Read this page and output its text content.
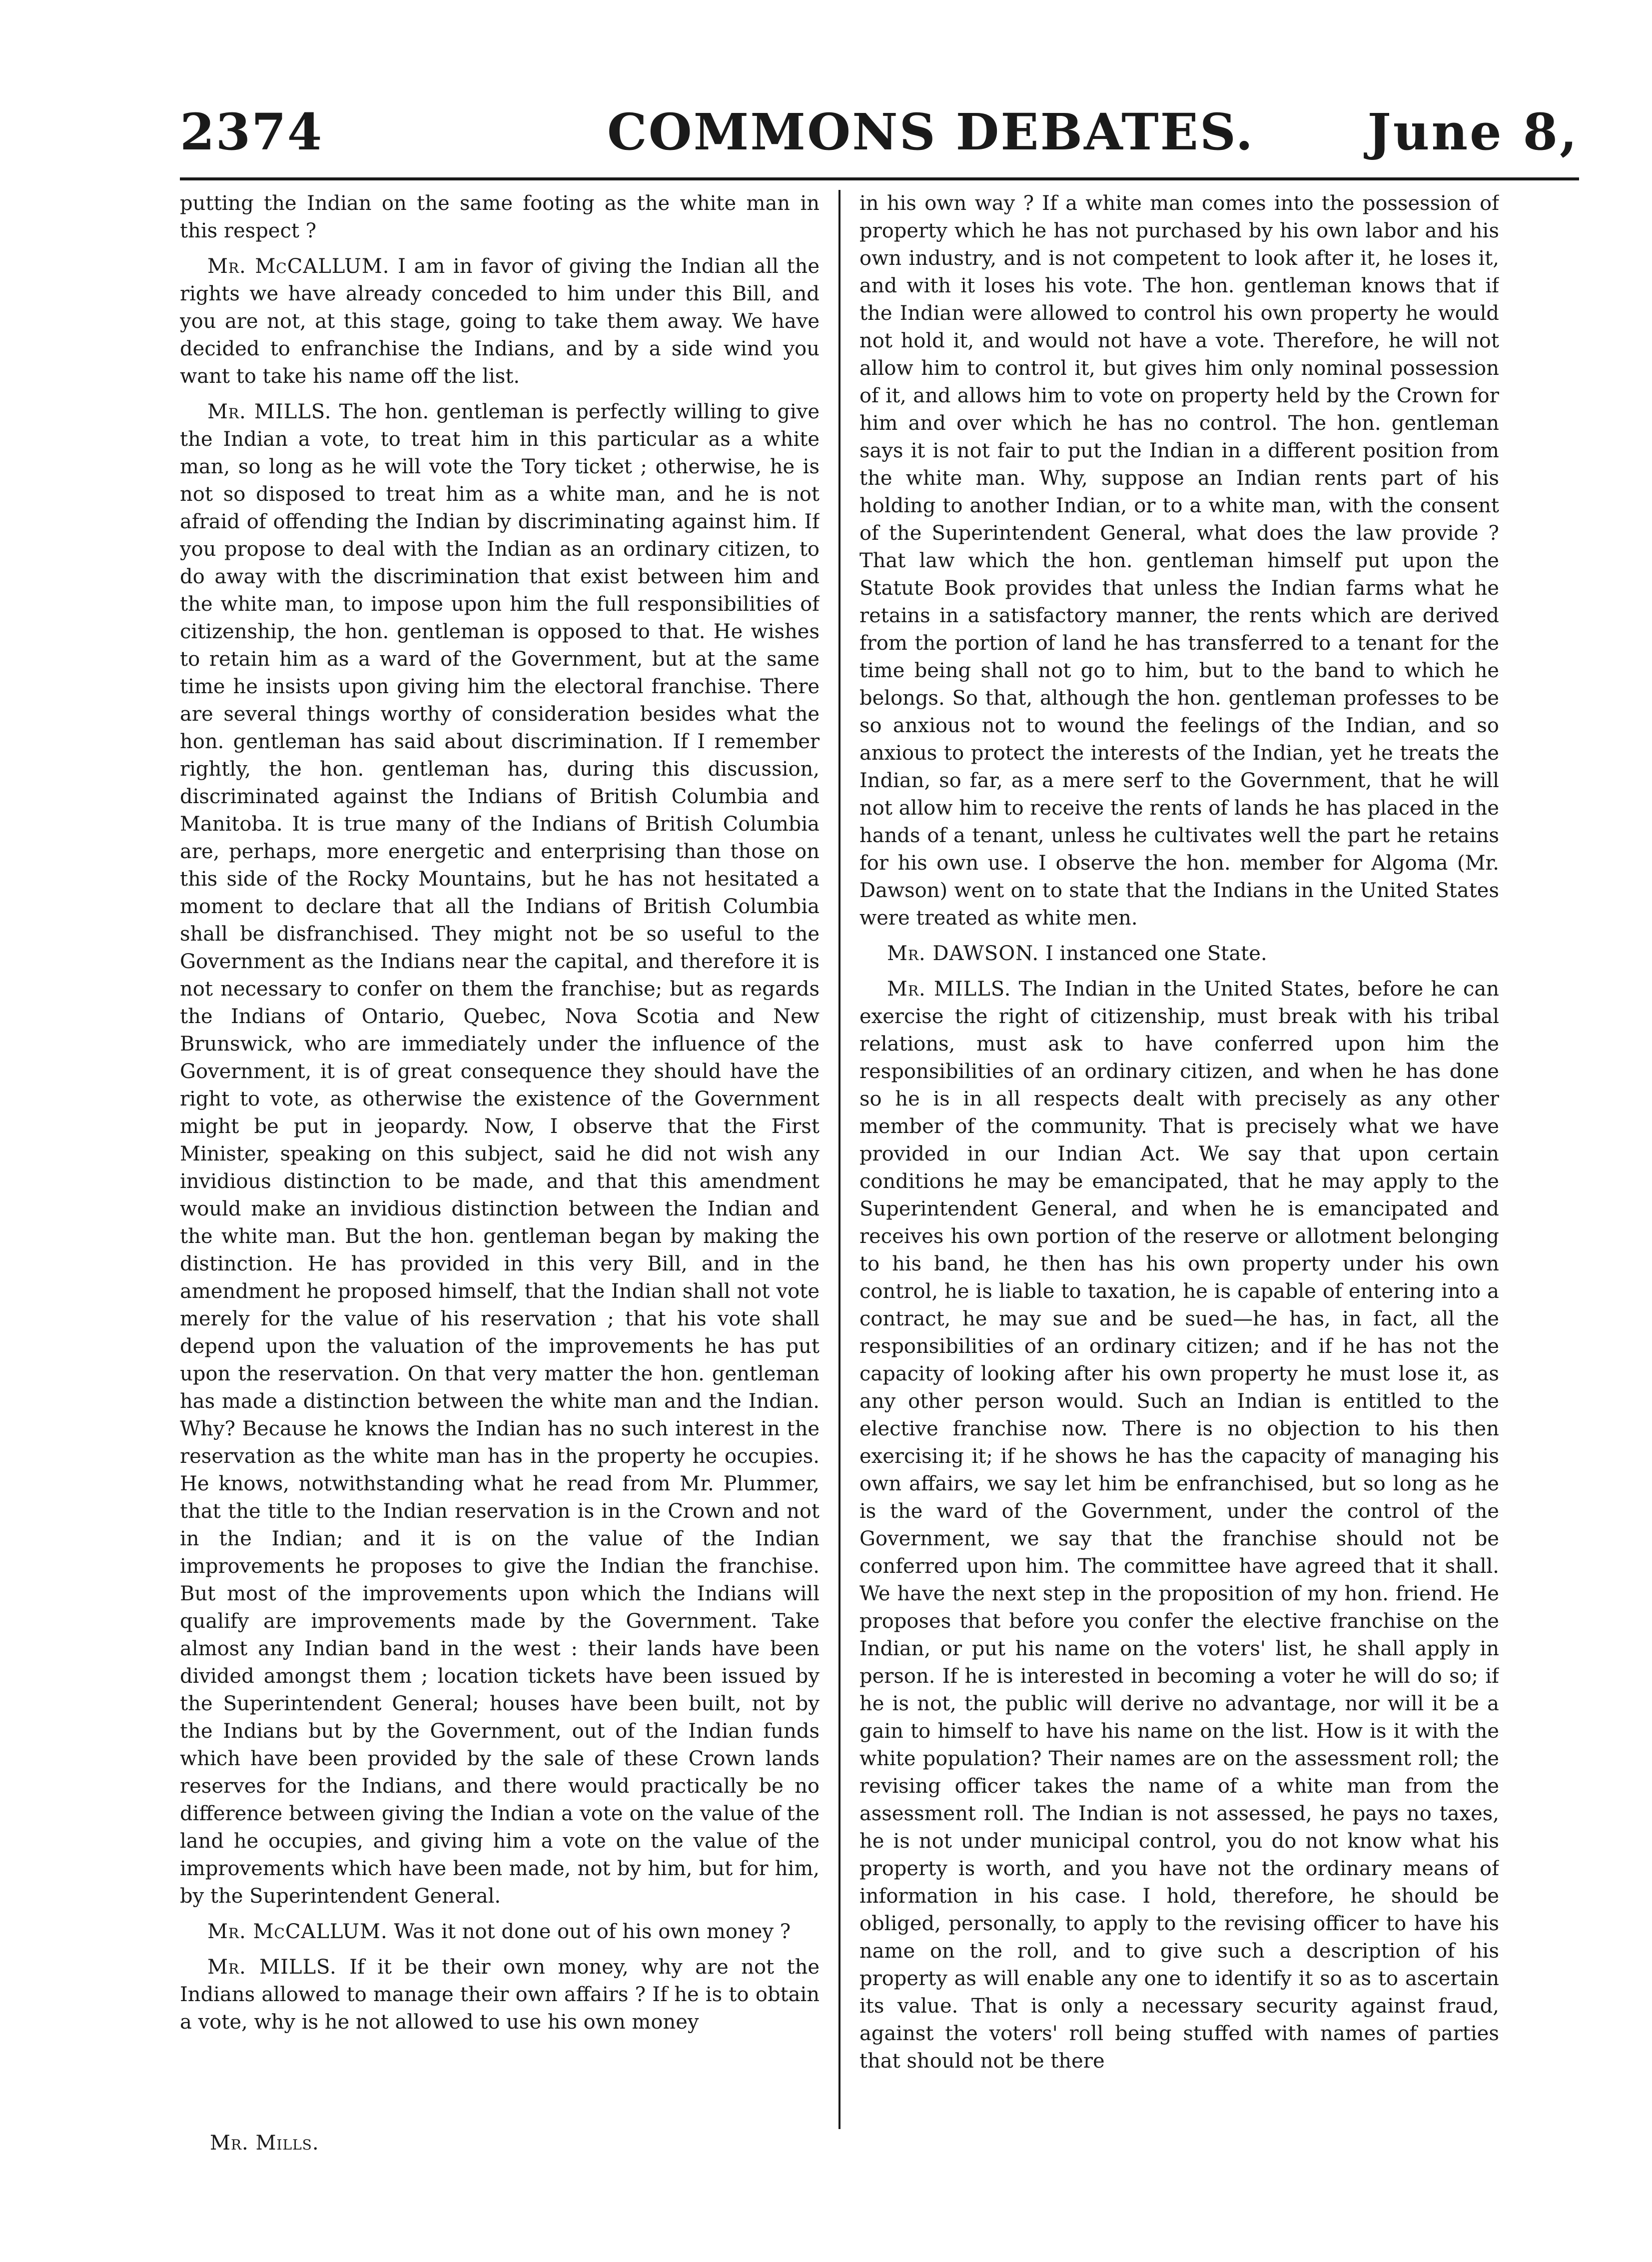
2374	COMMONS DEBATES. June 8,

putting the Indian on the same footing as the white man in this respect ?

Mr. McCALLUM. I am in favor of giving the Indian all the rights we have already conceded to him under this Bill, and you are not, at this stage, going to take them away. We have decided to enfranchise the Indians, and by a side wind you want to take his name off the list.

Mr. MILLS. The hon. gentleman is perfectly willing to give the Indian a vote, to treat him in this particular as a white man, so long as he will vote the Tory ticket ; otherwise, he is not so disposed to treat him as a white man, and he is not afraid of offending the Indian by discriminating against him. If you propose to deal with the Indian as an ordinary citizen, to do away with the discrimination that exist between him and the white man, to impose upon him the full responsibilities of citizenship, the hon. gentleman is opposed to that. He wishes to retain him as a ward of the Government, but at the same time he insists upon giving him the electoral franchise. There are several things worthy of consideration besides what the hon. gentleman has said about discrimination. If I remember rightly, the hon. gentleman has, during this discussion, discriminated against the Indians of British Columbia and Manitoba. It is true many of the Indians of British Columbia are, perhaps, more energetic and enterprising than those on this side of the Rocky Mountains, but he has not hesitated a moment to declare that all the Indians of British Columbia shall be disfranchised. They might not be so useful to the Government as the Indians near the capital, and therefore it is not necessary to confer on them the franchise; but as regards the Indians of Ontario, Quebec, Nova Scotia and New Brunswick, who are immediately under the influence of the Government, it is of great consequence they should have the right to vote, as otherwise the existence of the Government might be put in jeopardy. Now, I observe that the First Minister, speaking on this subject, said he did not wish any invidious distinction to be made, and that this amendment would make an invidious distinction between the Indian and the white man. But the hon. gentleman began by making the distinction. He has provided in this very Bill, and in the amendment he proposed himself, that the Indian shall not vote merely for the value of his reservation ; that his vote shall depend upon the valuation of the improvements he has put upon the reservation. On that very matter the hon. gentleman has made a distinction between the white man and the Indian. Why? Because he knows the Indian has no such interest in the reservation as the white man has in the property he occupies. He knows, notwithstanding what he read from Mr. Plummer, that the title to the Indian reservation is in the Crown and not in the Indian; and it is on the value of the Indian improvements he proposes to give the Indian the franchise. But most of the improvements upon which the Indians will qualify are improvements made by the Government. Take almost any Indian band in the west : their lands have been divided amongst them ; location tickets have been issued by the Superintendent General; houses have been built, not by the Indians but by the Government, out of the Indian funds which have been provided by the sale of these Crown lands reserves for the Indians, and there would practically be no difference between giving the Indian a vote on the value of the land he occupies, and giving him a vote on the value of the improvements which have been made, not by him, but for him, by the Superintendent General.

Mr. McCALLUM. Was it not done out of his own money ?

Mr. MILLS. If it be their own money, why are not the Indians allowed to manage their own affairs ? If he is to obtain a vote, why is he not allowed to use his own money

in his own way ? If a white man comes into the possession of property which he has not purchased by his own labor and his own industry, and is not competent to look after it, he loses it, and with it loses his vote. The hon. gentleman knows that if the Indian were allowed to control his own property he would not hold it, and would not have a vote. Therefore, he will not allow him to control it, but gives him only nominal possession of it, and allows him to vote on property held by the Crown for him and over which he has no control. The hon. gentleman says it is not fair to put the Indian in a different position from the white man. Why, suppose an Indian rents part of his holding to another Indian, or to a white man, with the consent of the Superintendent General, what does the law provide ? That law which the hon. gentleman himself put upon the Statute Book provides that unless the Indian farms what he retains in a satisfactory manner, the rents which are derived from the portion of land he has transferred to a tenant for the time being shall not go to him, but to the band to which he belongs. So that, although the hon. gentleman professes to be so anxious not to wound the feelings of the Indian, and so anxious to protect the interests of the Indian, yet he treats the Indian, so far, as a mere serf to the Government, that he will not allow him to receive the rents of lands he has placed in the hands of a tenant, unless he cultivates well the part he retains for his own use. I observe the hon. member for Algoma (Mr. Dawson) went on to state that the Indians in the United States were treated as white men.

Mr. DAWSON. I instanced one State.

Mr. MILLS. The Indian in the United States, before he can exercise the right of citizenship, must break with his tribal relations, must ask to have conferred upon him the responsibilities of an ordinary citizen, and when he has done so he is in all respects dealt with precisely as any other member of the community. That is precisely what we have provided in our Indian Act. We say that upon certain conditions he may be emancipated, that he may apply to the Superintendent General, and when he is emancipated and receives his own portion of the reserve or allotment belonging to his band, he then has his own property under his own control, he is liable to taxation, he is capable of entering into a contract, he may sue and be sued—he has, in fact, all the responsibilities of an ordinary citizen; and if he has not the capacity of looking after his own property he must lose it, as any other person would. Such an Indian is entitled to the elective franchise now. There is no objection to his then exercising it; if he shows he has the capacity of managing his own affairs, we say let him be enfranchised, but so long as he is the ward of the Government, under the control of the Government, we say that the franchise should not be conferred upon him. The committee have agreed that it shall. We have the next step in the proposition of my hon. friend. He proposes that before you confer the elective franchise on the Indian, or put his name on the voters' list, he shall apply in person. If he is interested in becoming a voter he will do so; if he is not, the public will derive no advantage, nor will it be a gain to himself to have his name on the list. How is it with the white population? Their names are on the assessment roll; the revising officer takes the name of a white man from the assessment roll. The Indian is not assessed, he pays no taxes, he is not under municipal control, you do not know what his property is worth, and you have not the ordinary means of information in his case. I hold, therefore, he should be obliged, personally, to apply to the revising officer to have his name on the roll, and to give such a description of his property as will enable any one to identify it so as to ascertain its value. That is only a necessary security against fraud, against the voters' roll being stuffed with names of parties that should not be there

Mr. Mills.
